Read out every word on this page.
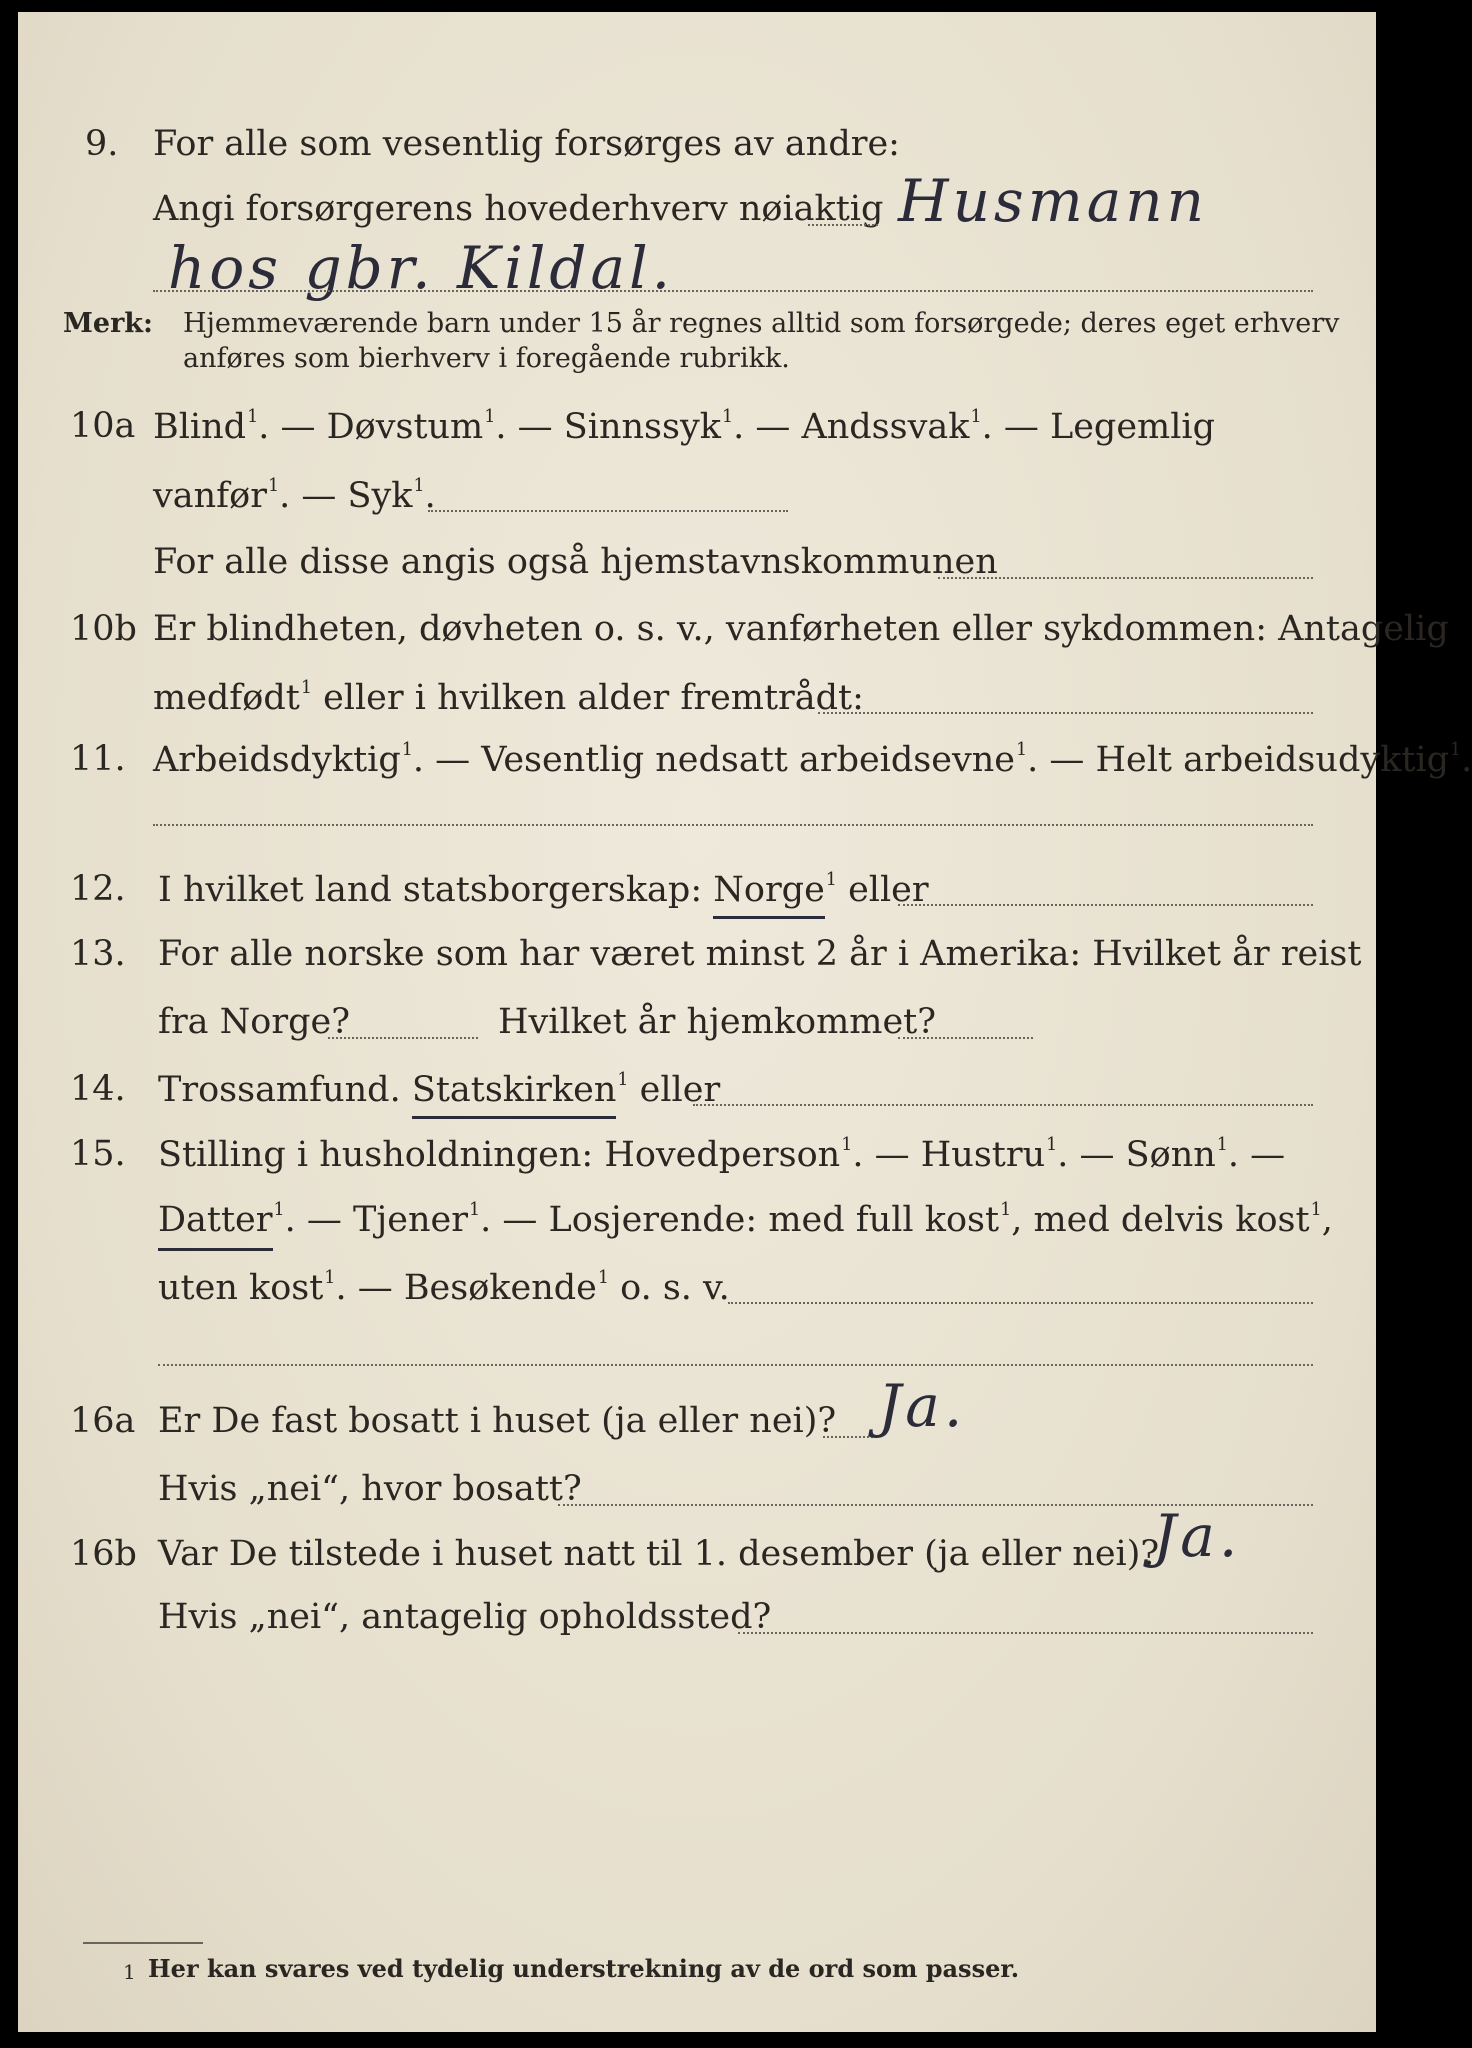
9. For alle som vesentlig forsørges av andre:
Angi forsørgerens hovederhverv nøiaktig Husmann
hos gbr. Kildal.
Merk: Hjemmeværende barn under 15 år regnes alltid som forsørgede; deres eget erhverv
anføres som bierhverv i foregående rubrikk.
10a Blind$^1$. — Døvstum$^1$. — Sinnssyk$^1$. — Andssvak$^1$. — Legemlig
vanfør$^1$. — Syk$^1$.
For alle disse angis også hjemstavnskommunen
10b Er blindheten, døvheten o. s. v., vanførheten eller sykdommen: Antagelig
medfødt$^1$ eller i hvilken alder fremtrådt:
11. Arbeidsdyktig$^1$. — Vesentlig nedsatt arbeidsevne$^1$. — Helt arbeidsudyktig$^1$.
12. I hvilket land statsborgerskap: Norge$^1$ eller
13. For alle norske som har været minst 2 år i Amerika: Hvilket år reist
fra Norge?	Hvilket år hjemkommet?
14. Trossamfund. Statskirken$^1$ eller
15. Stilling i husholdningen: Hovedperson$^1$. — Hustru$^1$. — Sønn$^1$. —
Datter$^1$. — Tjener$^1$. — Losjerende: med full kost$^1$, med delvis kost$^1$,
uten kost$^1$. — Besøkende$^1$ o. s. v.
16a Er De fast bosatt i huset (ja eller nei)? Ja.
Hvis „nei“, hvor bosatt?
16b Var De tilstede i huset natt til 1. desember (ja eller nei)?
Ja.
Hvis „nei“, antagelig opholdssted?
1 Her kan svares ved tydelig understrekning av de ord som passer.
